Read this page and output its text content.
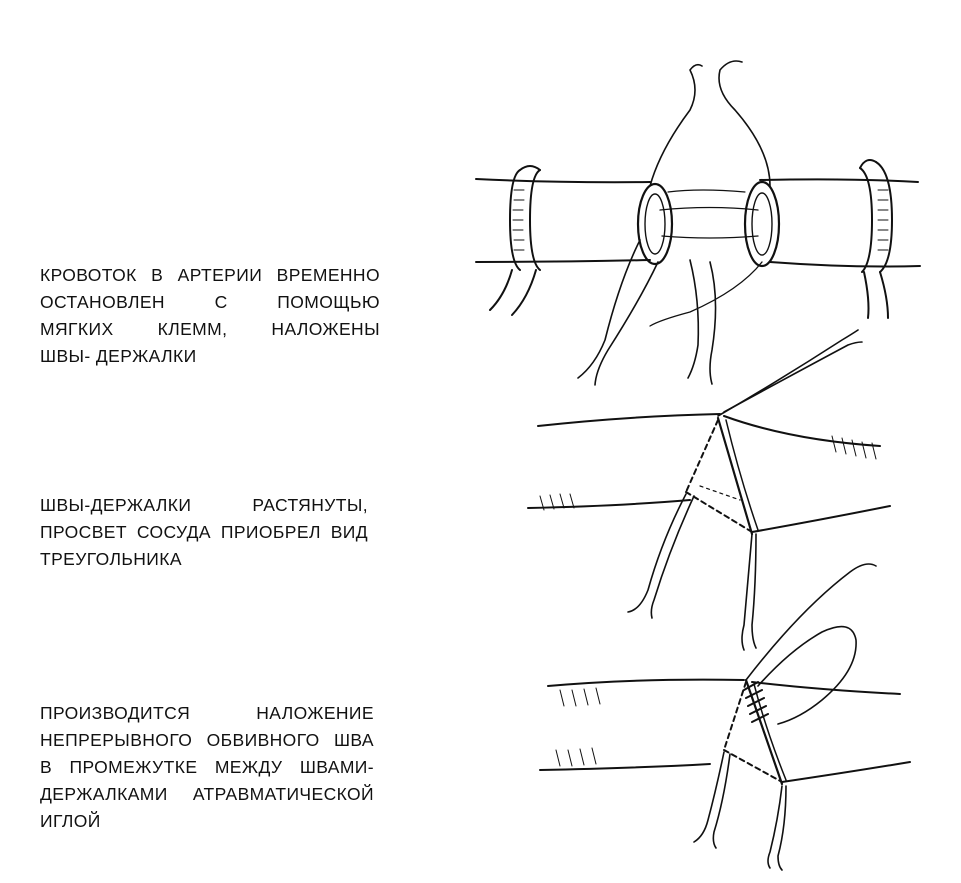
КРОВОТОК В АРТЕРИИ ВРЕМЕННО
ОСТАНОВЛЕН С ПОМОЩЬЮ
МЯГКИХ КЛЕММ, НАЛОЖЕНЫ
ШВЫ- ДЕРЖАЛКИ
ШВЫ-ДЕРЖАЛКИ РАСТЯНУТЫ,
ПРОСВЕТ СОСУДА ПРИОБРЕЛ ВИД
ТРЕУГОЛЬНИКА
ПРОИЗВОДИТСЯ НАЛОЖЕНИЕ
НЕПРЕРЫВНОГО ОБВИВНОГО ШВА
В ПРОМЕЖУТКЕ МЕЖДУ ШВАМИ-
ДЕРЖАЛКАМИ АТРАВМАТИЧЕСКОЙ
ИГЛОЙ
